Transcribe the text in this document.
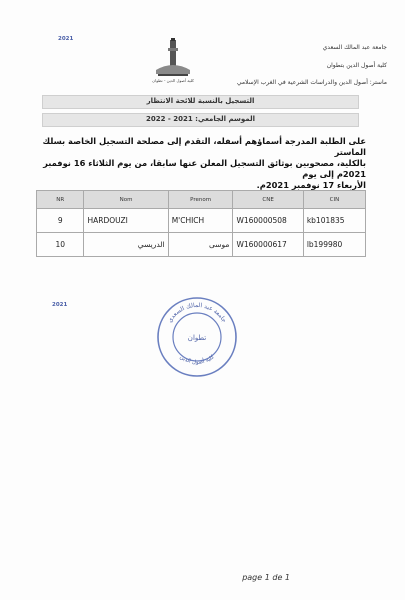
2021
كلية أصول الدين - تطوان
جامعة عبد المالك السعدي
كلية أصول الدين بتطوان
ماستر: أصول الدين والدراسات الشرعية في الغرب الإسلامي
التسجيل بالنسبة للائحة الانتظار
الموسم الجامعي: 2021 - 2022
على الطلبة المدرجة أسماؤهم أسفله، التقدم إلى مصلحة التسجيل الخاصة بسلك الماستر
بالكلية، مصحوبين بوثائق التسجيل المعلن عنها سابقا، من يوم الثلاثاء 16 نوفمبر 2021م إلى يوم
الأربعاء 17 نوفمبر 2021م.
NR	Nom	Prenom	CNE	CIN
9	HARDOUZI	M'CHICH	W160000508	kb101835
10	الدريسي	موسى	W160000617	lb199980
2021
جامعة عبد المالك السعدي
كلية أصول الدين
تطوان
page 1 de 1
